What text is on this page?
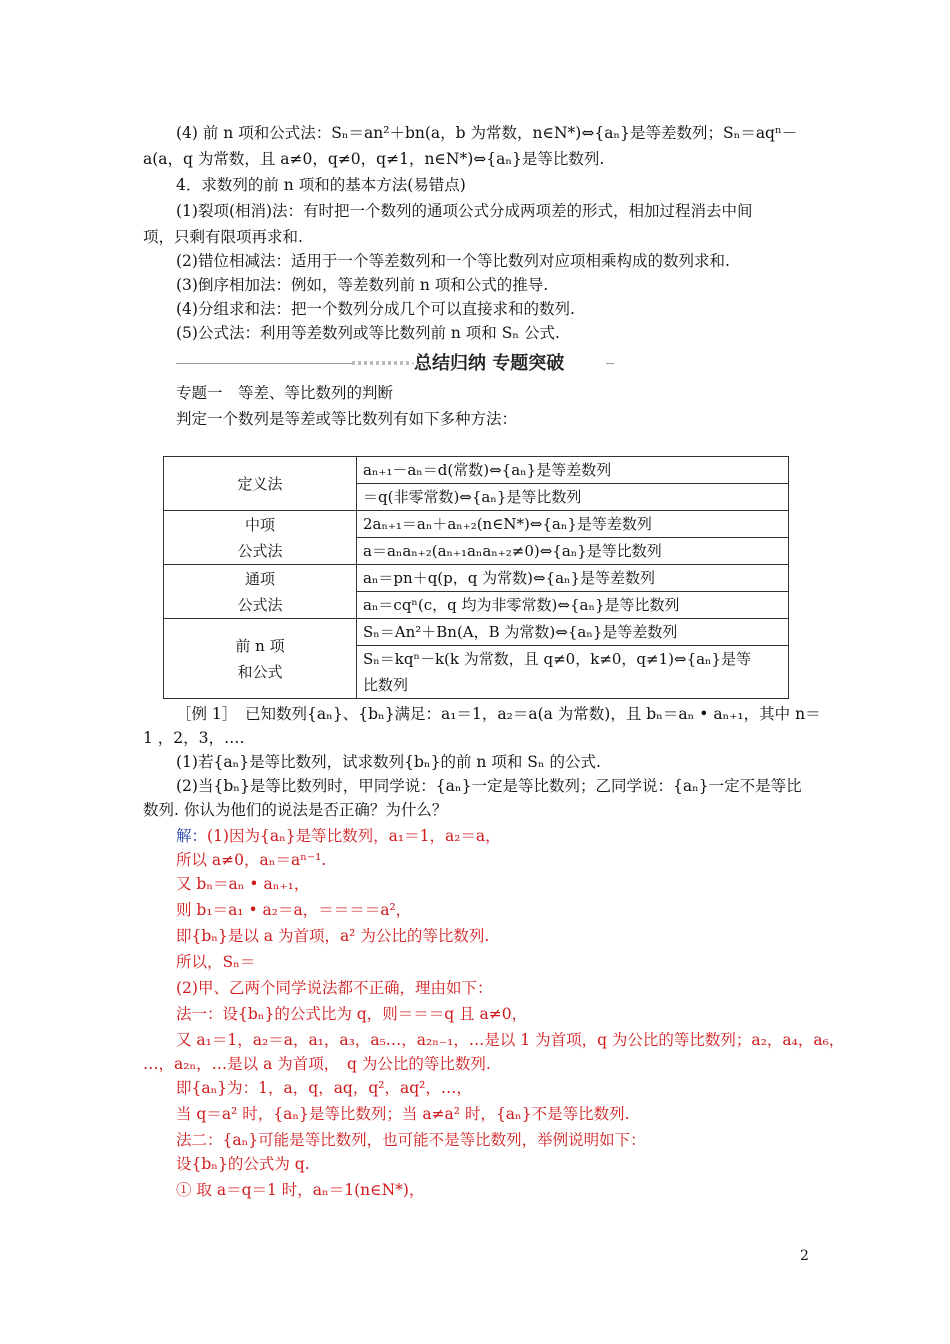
(4) 前 n 项和公式法：Sₙ＝an²＋bn(a，b 为常数，n∈N*)⇔{aₙ}是等差数列；Sₙ＝aqⁿ－
a(a，q 为常数，且 a≠0，q≠0，q≠1，n∈N*)⇔{aₙ}是等比数列.
4．求数列的前 n 项和的基本方法(易错点)
(1)裂项(相消)法：有时把一个数列的通项公式分成两项差的形式，相加过程消去中间
项，只剩有限项再求和.
(2)错位相减法：适用于一个等差数列和一个等比数列对应项相乘构成的数列求和.
(3)倒序相加法：例如，等差数列前 n 项和公式的推导.
(4)分组求和法：把一个数列分成几个可以直接求和的数列.
(5)公式法：利用等差数列或等比数列前 n 项和 Sₙ 公式.
总结归纳 专题突破
专题一　等差、等比数列的判断
判定一个数列是等差或等比数列有如下多种方法：
定义法	aₙ₊₁－aₙ＝d(常数)⇔{aₙ}是等差数列
	＝q(非零常数)⇔{aₙ}是等比数列
中项
公式法	2aₙ₊₁＝aₙ＋aₙ₊₂(n∈N*)⇔{aₙ}是等差数列
	a＝aₙaₙ₊₂(aₙ₊₁aₙaₙ₊₂≠0)⇔{aₙ}是等比数列
通项
公式法	aₙ＝pn＋q(p，q 为常数)⇔{aₙ}是等差数列
	aₙ＝cqⁿ(c，q 均为非零常数)⇔{aₙ}是等比数列
前 n 项
和公式	Sₙ＝An²＋Bn(A，B 为常数)⇔{aₙ}是等差数列
	Sₙ＝kqⁿ－k(k 为常数，且 q≠0，k≠0，q≠1)⇔{aₙ}是等
比数列
［例 1］　已知数列{aₙ}、{bₙ}满足：a₁＝1，a₂＝a(a 为常数)，且 bₙ＝aₙ • aₙ₊₁，其中 n＝
1 ，2，3，….
(1)若{aₙ}是等比数列，试求数列{bₙ}的前 n 项和 Sₙ 的公式.
(2)当{bₙ}是等比数列时，甲同学说：{aₙ}一定是等比数列；乙同学说：{aₙ}一定不是等比
数列. 你认为他们的说法是否正确？为什么？
解：(1)因为{aₙ}是等比数列，a₁＝1，a₂＝a，
所以 a≠0，aₙ＝aⁿ⁻¹.
又 bₙ＝aₙ • aₙ₊₁，
则 b₁＝a₁ • a₂＝a，＝＝＝＝a²，
即{bₙ}是以 a 为首项，a² 为公比的等比数列.
所以，Sₙ＝
(2)甲、乙两个同学说法都不正确，理由如下：
法一：设{bₙ}的公式比为 q，则＝＝＝q 且 a≠0，
又 a₁＝1，a₂＝a，a₁，a₃，a₅…，a₂ₙ₋₁，…是以 1 为首项，q 为公比的等比数列；a₂，a₄，a₆，
…，a₂ₙ，…是以 a 为首项，　q 为公比的等比数列.
即{aₙ}为：1，a，q，aq，q²，aq²，…，
当 q＝a² 时，{aₙ}是等比数列；当 a≠a² 时，{aₙ}不是等比数列.
法二：{aₙ}可能是等比数列，也可能不是等比数列，举例说明如下：
设{bₙ}的公式为 q.
① 取 a＝q＝1 时，aₙ＝1(n∈N*)，
2
